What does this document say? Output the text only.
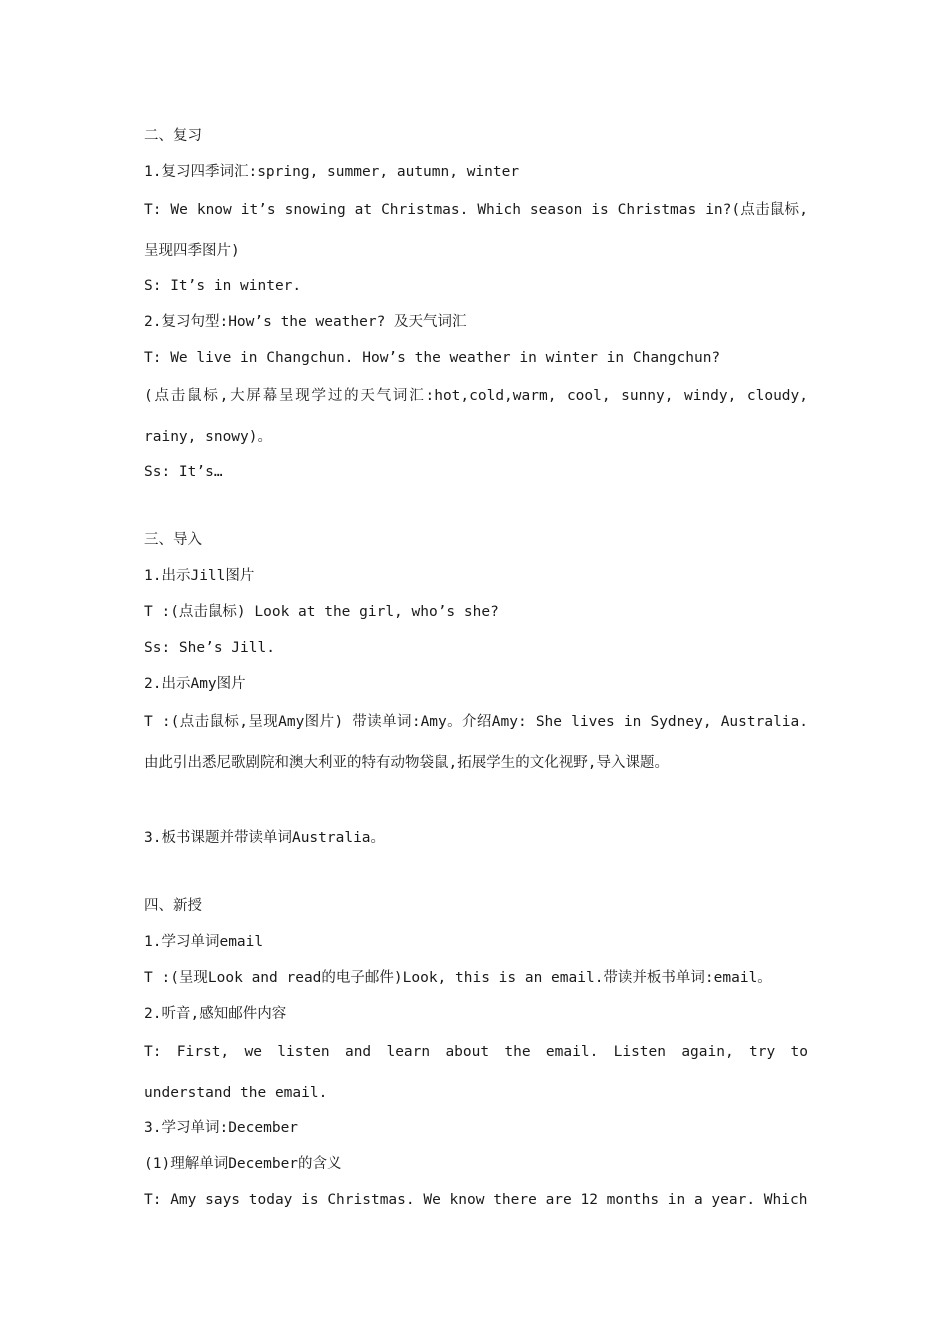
二、复习
1.复习四季词汇:spring, summer, autumn, winter
T: We know it’s snowing at Christmas. Which season is Christmas in?(点击鼠标,呈现四季图片)
S: It’s in winter.
2.复习句型:How’s the weather? 及天气词汇
T: We live in Changchun. How’s the weather in winter in Changchun?
(点击鼠标,大屏幕呈现学过的天气词汇:hot,cold,warm, cool, sunny, windy, cloudy, rainy, snowy)。
Ss: It’s…
三、导入
1.出示Jill图片
T :(点击鼠标) Look at the girl, who’s she?
Ss: She’s Jill.
2.出示Amy图片
T :(点击鼠标,呈现Amy图片) 带读单词:Amy。介绍Amy: She lives in Sydney, Australia.由此引出悉尼歌剧院和澳大利亚的特有动物袋鼠,拓展学生的文化视野,导入课题。
3.板书课题并带读单词Australia。
四、新授
1.学习单词email
T :(呈现Look and read的电子邮件)Look, this is an email.带读并板书单词:email。
2.听音,感知邮件内容
T: First, we listen and learn about the email. Listen again, try to understand the email.
3.学习单词:December
(1)理解单词December的含义
T: Amy says today is Christmas. We know there are 12 months in a year. Which
